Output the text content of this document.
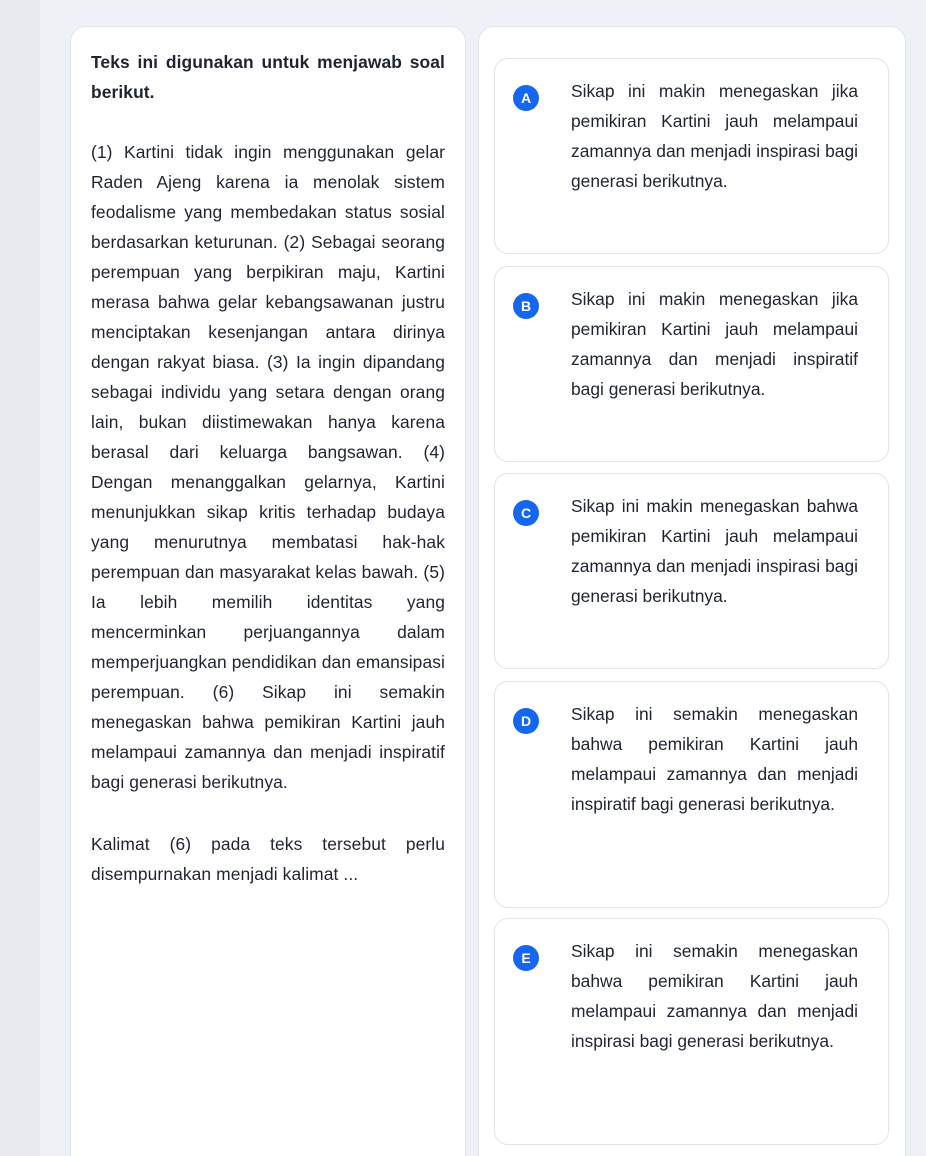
Teks ini digunakan untuk menjawab soal berikut.

(1) Kartini tidak ingin menggunakan gelar Raden Ajeng karena ia menolak sistem feodalisme yang membedakan status sosial berdasarkan keturunan. (2) Sebagai seorang perempuan yang berpikiran maju, Kartini merasa bahwa gelar kebangsawanan justru menciptakan kesenjangan antara dirinya dengan rakyat biasa. (3) Ia ingin dipandang sebagai individu yang setara dengan orang lain, bukan diistimewakan hanya karena berasal dari keluarga bangsawan. (4) Dengan menanggalkan gelarnya, Kartini menunjukkan sikap kritis terhadap budaya yang menurutnya membatasi hak-hak perempuan dan masyarakat kelas bawah. (5) Ia lebih memilih identitas yang mencerminkan perjuangannya dalam memperjuangkan pendidikan dan emansipasi perempuan. (6) Sikap ini semakin menegaskan bahwa pemikiran Kartini jauh melampaui zamannya dan menjadi inspiratif bagi generasi berikutnya.

Kalimat (6) pada teks tersebut perlu disempurnakan menjadi kalimat ...

A	Sikap ini makin menegaskan jika pemikiran Kartini jauh melampaui zamannya dan menjadi inspirasi bagi generasi berikutnya.

B	Sikap ini makin menegaskan jika pemikiran Kartini jauh melampaui zamannya dan menjadi inspiratif bagi generasi berikutnya.

C	Sikap ini makin menegaskan bahwa pemikiran Kartini jauh melampaui zamannya dan menjadi inspirasi bagi generasi berikutnya.

D	Sikap ini semakin menegaskan bahwa pemikiran Kartini jauh melampaui zamannya dan menjadi inspiratif bagi generasi berikutnya.

E	Sikap ini semakin menegaskan bahwa pemikiran Kartini jauh melampaui zamannya dan menjadi inspirasi bagi generasi berikutnya.
